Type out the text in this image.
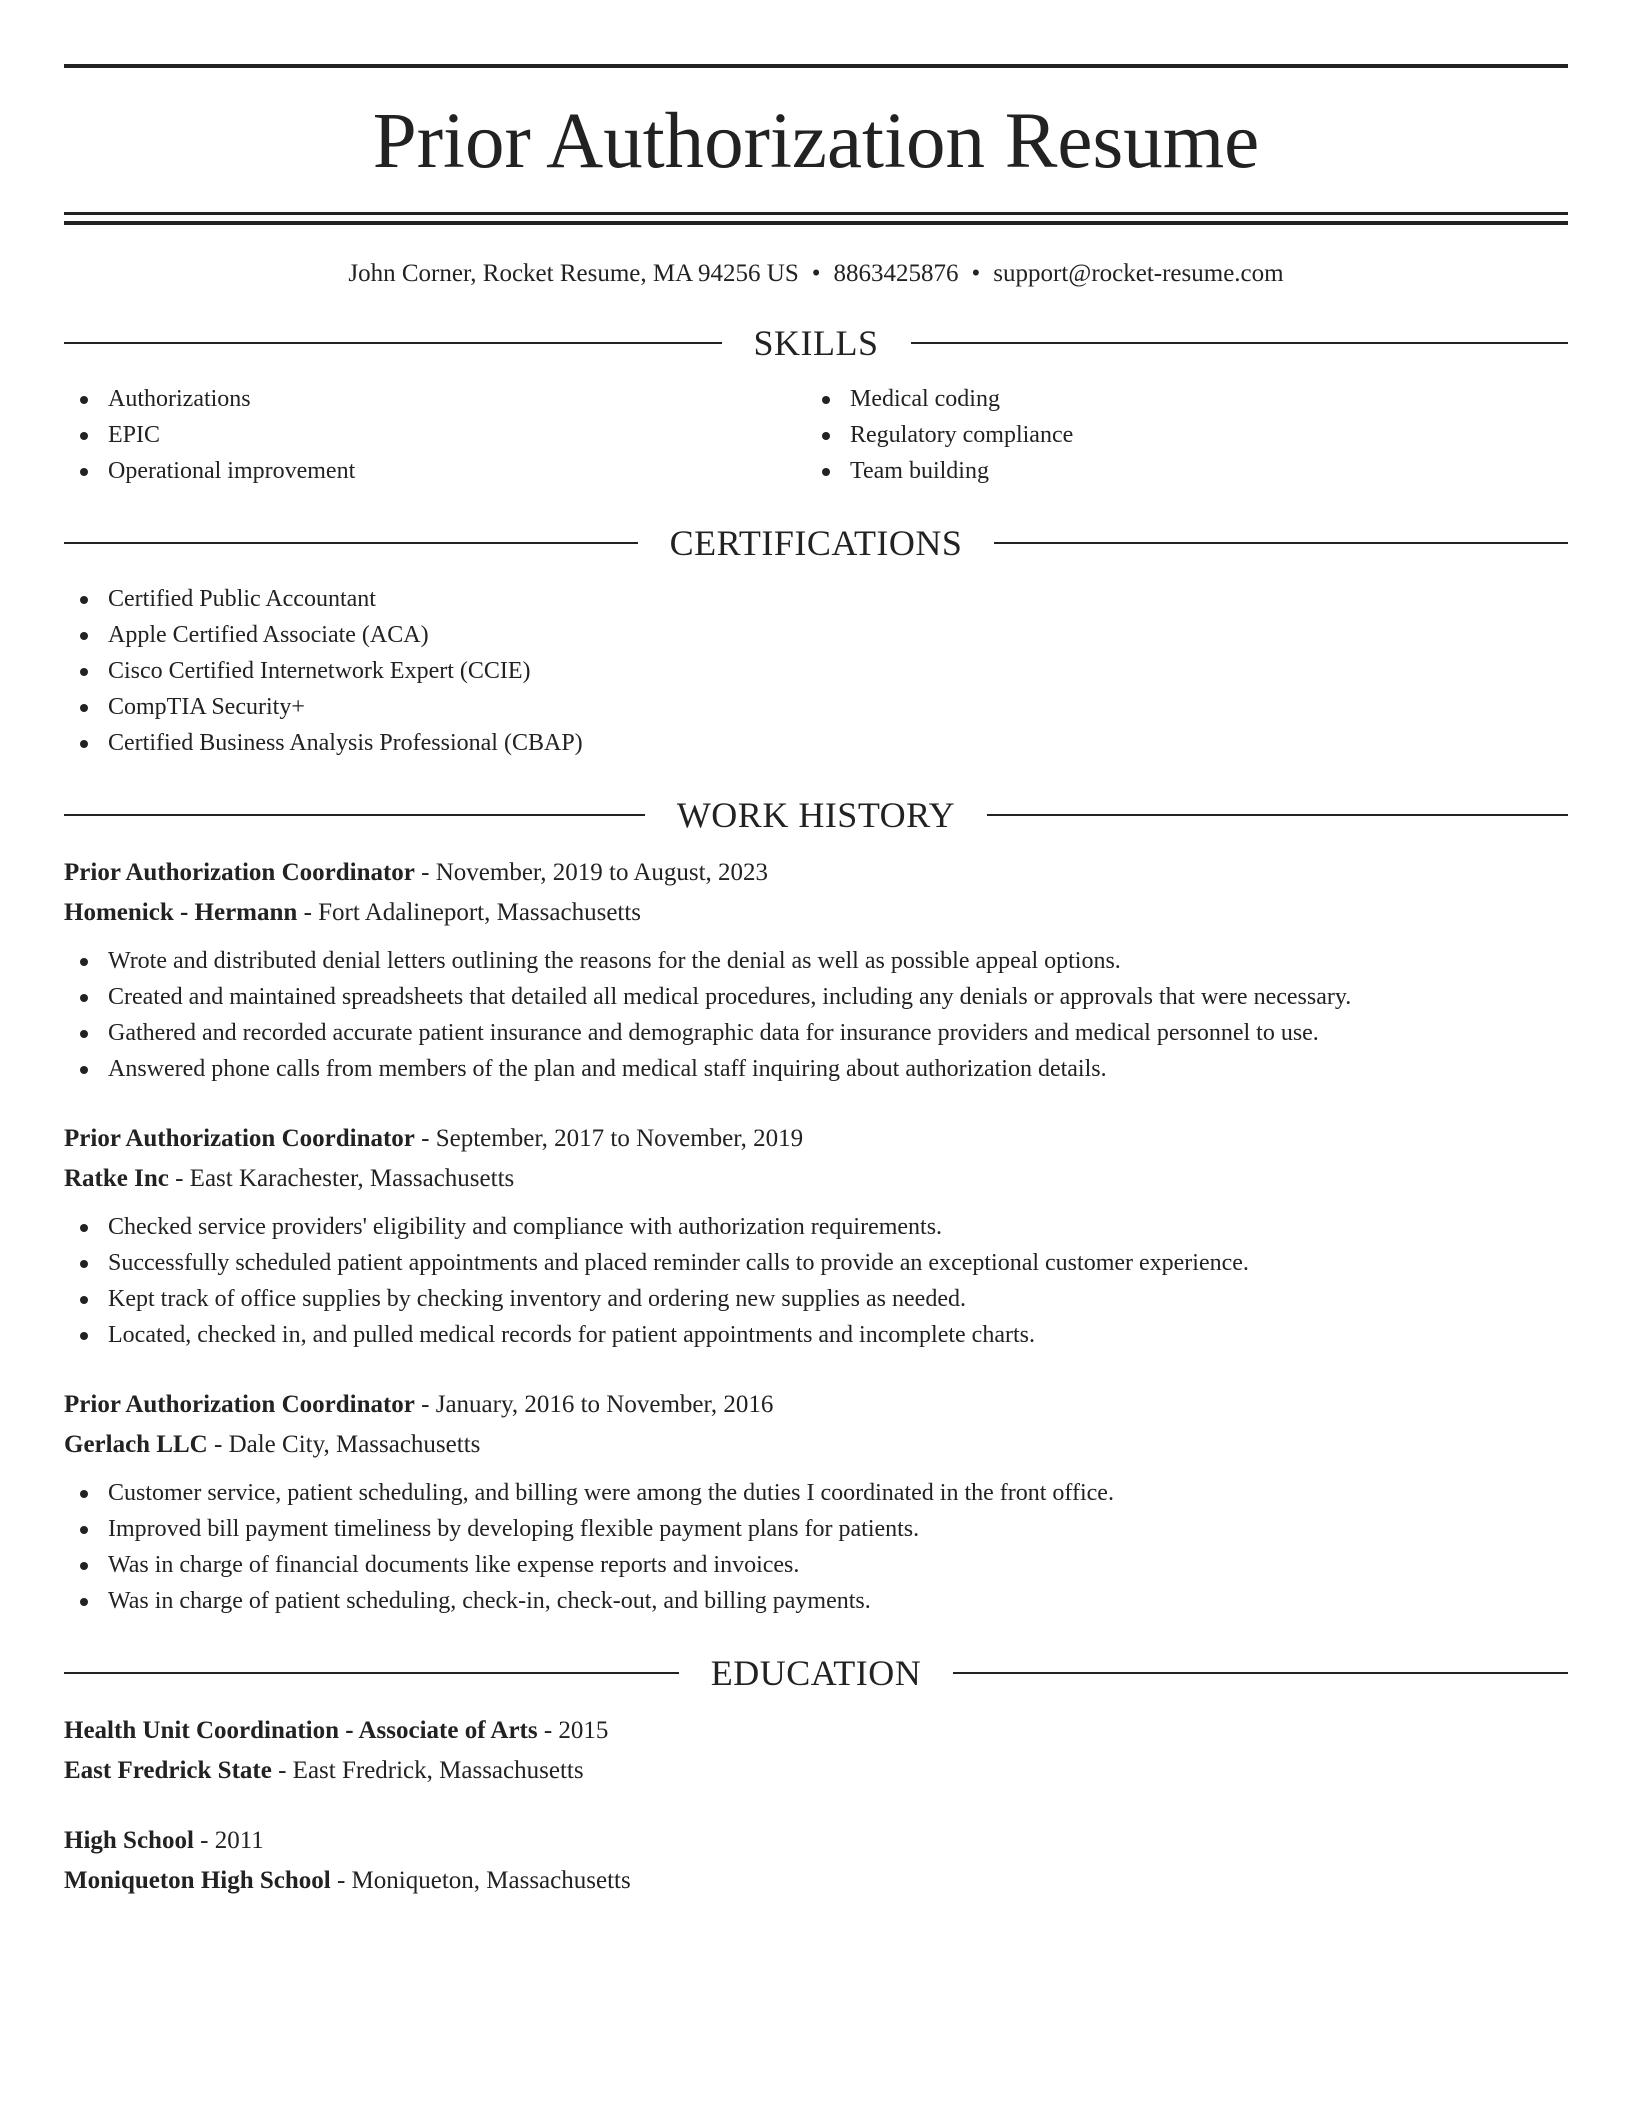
Prior Authorization Resume
John Corner, Rocket Resume, MA 94256 US • 8863425876 • support@rocket-resume.com
SKILLS
Authorizations
EPIC
Operational improvement
Medical coding
Regulatory compliance
Team building
CERTIFICATIONS
Certified Public Accountant
Apple Certified Associate (ACA)
Cisco Certified Internetwork Expert (CCIE)
CompTIA Security+
Certified Business Analysis Professional (CBAP)
WORK HISTORY
Prior Authorization Coordinator - November, 2019 to August, 2023
Homenick - Hermann - Fort Adalineport, Massachusetts
Wrote and distributed denial letters outlining the reasons for the denial as well as possible appeal options.
Created and maintained spreadsheets that detailed all medical procedures, including any denials or approvals that were necessary.
Gathered and recorded accurate patient insurance and demographic data for insurance providers and medical personnel to use.
Answered phone calls from members of the plan and medical staff inquiring about authorization details.
Prior Authorization Coordinator - September, 2017 to November, 2019
Ratke Inc - East Karachester, Massachusetts
Checked service providers' eligibility and compliance with authorization requirements.
Successfully scheduled patient appointments and placed reminder calls to provide an exceptional customer experience.
Kept track of office supplies by checking inventory and ordering new supplies as needed.
Located, checked in, and pulled medical records for patient appointments and incomplete charts.
Prior Authorization Coordinator - January, 2016 to November, 2016
Gerlach LLC - Dale City, Massachusetts
Customer service, patient scheduling, and billing were among the duties I coordinated in the front office.
Improved bill payment timeliness by developing flexible payment plans for patients.
Was in charge of financial documents like expense reports and invoices.
Was in charge of patient scheduling, check-in, check-out, and billing payments.
EDUCATION
Health Unit Coordination - Associate of Arts - 2015
East Fredrick State - East Fredrick, Massachusetts
High School - 2011
Moniqueton High School - Moniqueton, Massachusetts
